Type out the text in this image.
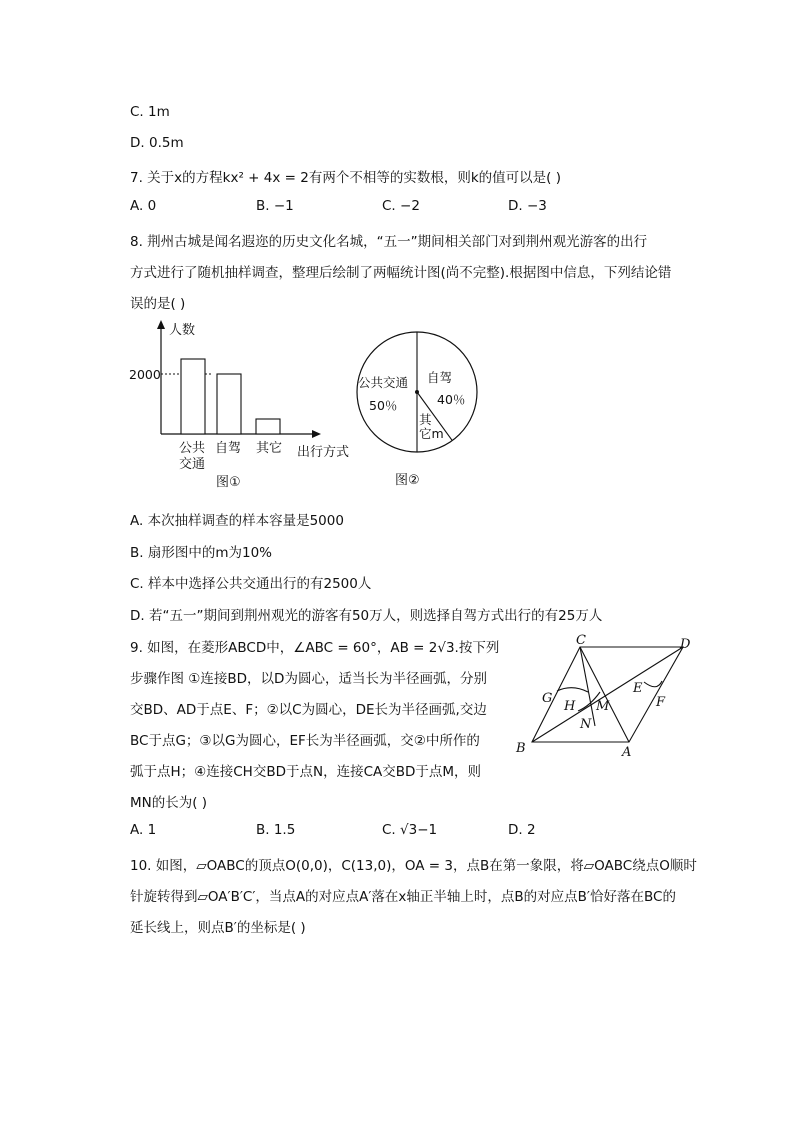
C. 1m
D. 0.5m
7. 关于x的方程kx² + 4x = 2有两个不相等的实数根，则k的值可以是( )
A. 0	B. −1	C. −2	D. −3
8. 荆州古城是闻名遐迩的历史文化名城，“五一”期间相关部门对到荆州观光游客的出行
方式进行了随机抽样调查，整理后绘制了两幅统计图(尚不完整).根据图中信息，下列结论错
误的是( )
人数
2000
公共
交通
自驾 其它 出行方式
图①
公共交通
50％
自驾
40％
其
它m
图②
A. 本次抽样调查的样本容量是5000
B. 扇形图中的m为10%
C. 样本中选择公共交通出行的有2500人
D. 若“五一”期间到荆州观光的游客有50万人，则选择自驾方式出行的有25万人
9. 如图，在菱形ABCD中，∠ABC = 60°，AB = 2√3.按下列
步骤作图 ①连接BD，以D为圆心，适当长为半径画弧，分别
交BD、AD于点E、F；②以C为圆心，DE长为半径画弧,交边
BC于点G；③以G为圆心，EF长为半径画弧，交②中所作的
弧于点H；④连接CH交BD于点N，连接CA交BD于点M，则
MN的长为( )
C	D
B	A
G
H M
N
E
F
A. 1	B. 1.5	C. √3−1	D. 2
10. 如图，▱OABC的顶点O(0,0)，C(13,0)，OA = 3，点B在第一象限，将▱OABC绕点O顺时
针旋转得到▱OA′B′C′，当点A的对应点A′落在x轴正半轴上时，点B的对应点B′恰好落在BC的
延长线上，则点B′的坐标是( )
